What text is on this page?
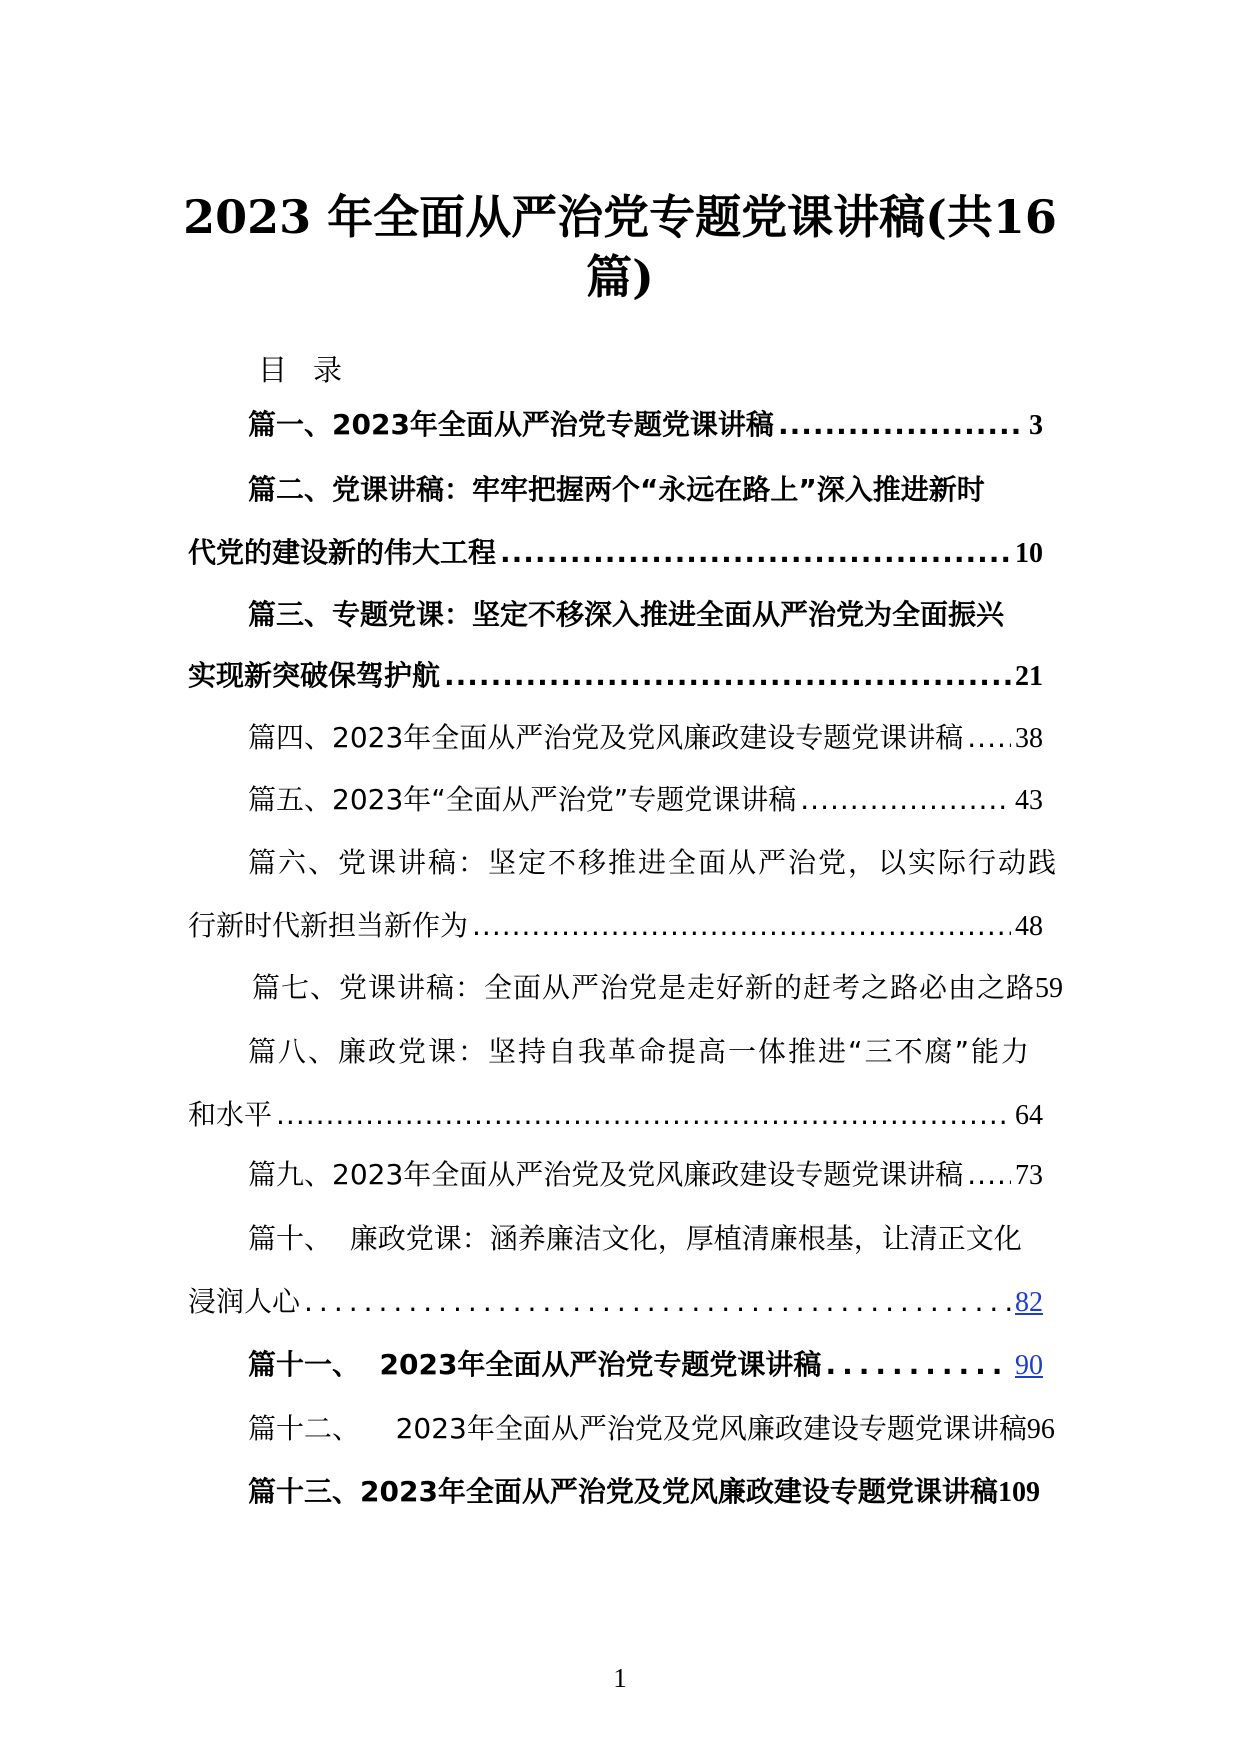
2023 年全面从严治党专题党课讲稿(共16
篇)
目录
篇一、2023年全面从严治党专题党课讲稿 .....	3
篇二、党课讲稿：牢牢把握两个“永远在路上”深入推进新时
代党的建设新的伟大工程 .....	10
篇三、专题党课：坚定不移深入推进全面从严治党为全面振兴
实现新突破保驾护航 .....	21
篇四、2023年全面从严治党及党风廉政建设专题党课讲稿 ..... 38
篇五、2023年“全面从严治党”专题党课讲稿 .....	43
篇六、党课讲稿：坚定不移推进全面从严治党，以实际行动践
行新时代新担当新作为 .....	48
篇七、党课讲稿：全面从严治党是走好新的赶考之路必由之路 59
篇八、廉政党课：坚持自我革命提高一体推进“三不腐”能力
和水平 .....	64
篇九、2023年全面从严治党及党风廉政建设专题党课讲稿 ..... 73
篇十、  廉政党课：涵养廉洁文化，厚植清廉根基，让清正文化
浸润人心 .....	82
篇十一、  2023年全面从严治党专题党课讲稿 .....	90
篇十二、    2023年全面从严治党及党风廉政建设专题党课讲稿 96
篇十三、2023年全面从严治党及党风廉政建设专题党课讲稿 109
1
